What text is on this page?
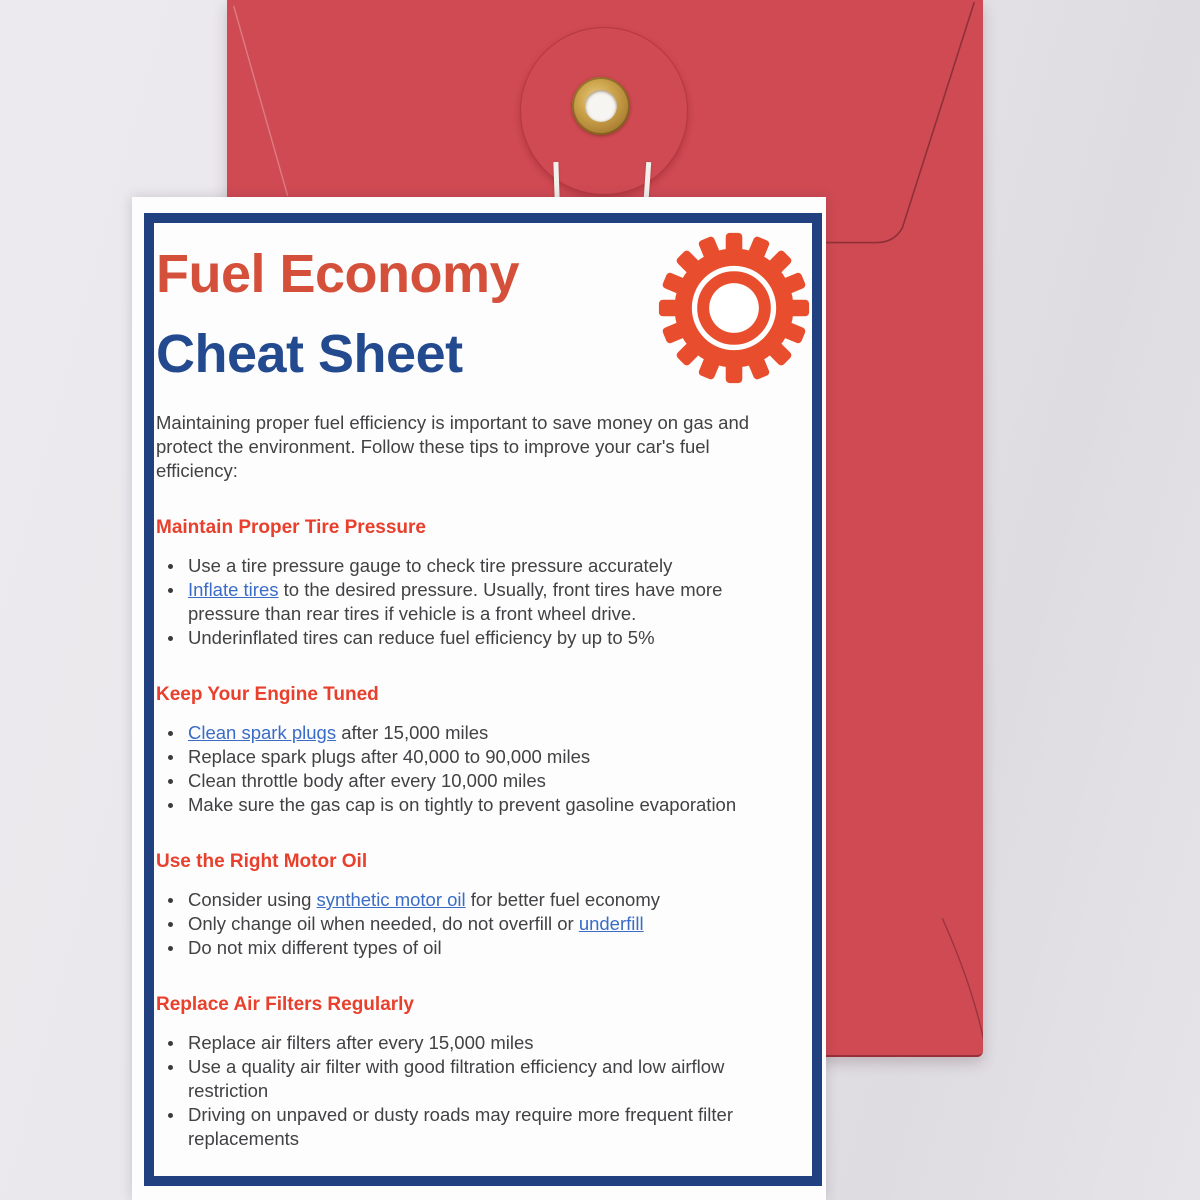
Fuel Economy
Cheat Sheet

Maintaining proper fuel efficiency is important to save money on gas and protect the environment. Follow these tips to improve your car's fuel efficiency:

Maintain Proper Tire Pressure
Use a tire pressure gauge to check tire pressure accurately
Inflate tires to the desired pressure. Usually, front tires have more pressure than rear tires if vehicle is a front wheel drive.
Underinflated tires can reduce fuel efficiency by up to 5%
Keep Your Engine Tuned
Clean spark plugs after 15,000 miles
Replace spark plugs after 40,000 to 90,000 miles
Clean throttle body after every 10,000 miles
Make sure the gas cap is on tightly to prevent gasoline evaporation
Use the Right Motor Oil
Consider using synthetic motor oil for better fuel economy
Only change oil when needed, do not overfill or underfill
Do not mix different types of oil
Replace Air Filters Regularly
Replace air filters after every 15,000 miles
Use a quality air filter with good filtration efficiency and low airflow restriction
Driving on unpaved or dusty roads may require more frequent filter replacements
